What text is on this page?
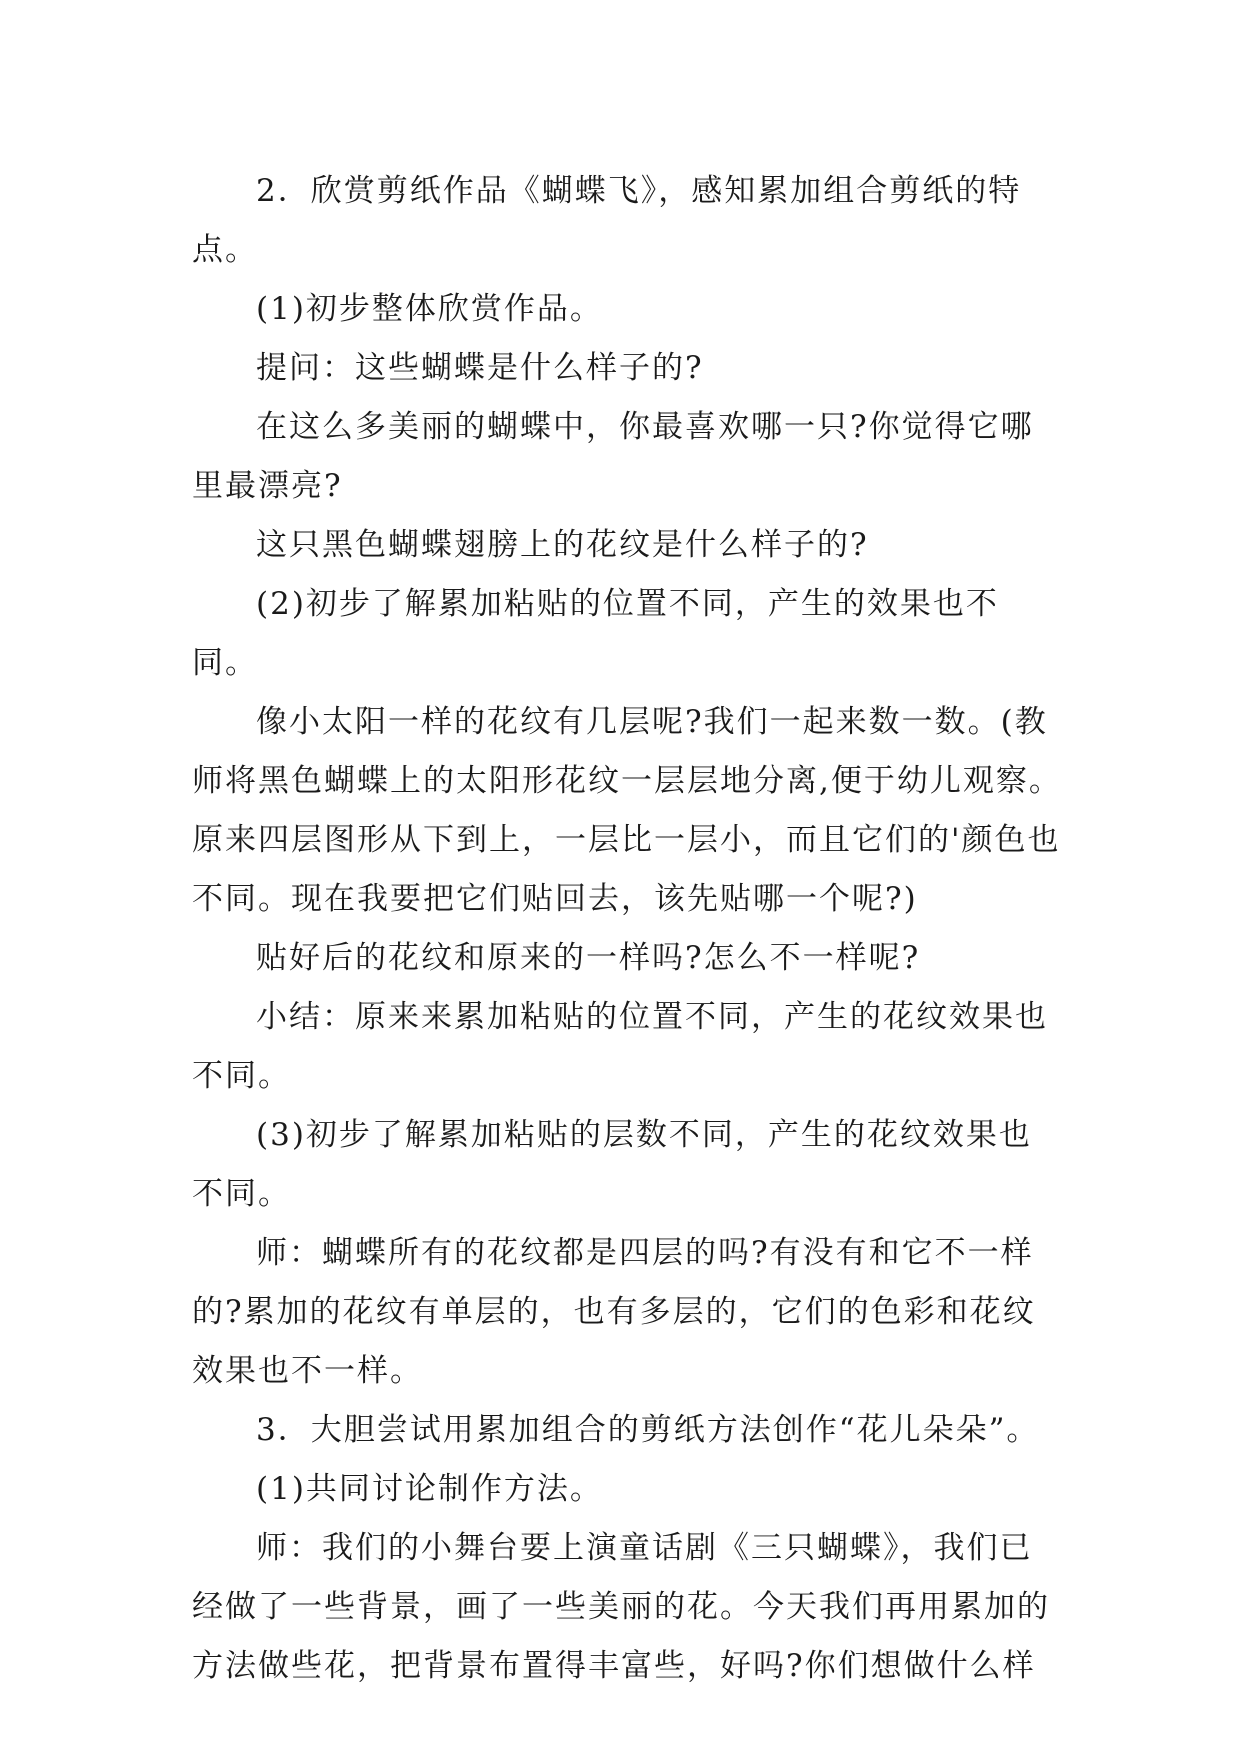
2．欣赏剪纸作品《蝴蝶飞》，感知累加组合剪纸的特点。

(1)初步整体欣赏作品。

提问：这些蝴蝶是什么样子的?

在这么多美丽的蝴蝶中，你最喜欢哪一只?你觉得它哪里最漂亮?

这只黑色蝴蝶翅膀上的花纹是什么样子的?

(2)初步了解累加粘贴的位置不同，产生的效果也不同。

像小太阳一样的花纹有几层呢?我们一起来数一数。(教师将黑色蝴蝶上的太阳形花纹一层层地分离,便于幼儿观察。原来四层图形从下到上，一层比一层小，而且它们的'颜色也不同。现在我要把它们贴回去，该先贴哪一个呢?)

贴好后的花纹和原来的一样吗?怎么不一样呢?

小结：原来来累加粘贴的位置不同，产生的花纹效果也不同。

(3)初步了解累加粘贴的层数不同，产生的花纹效果也不同。

师：蝴蝶所有的花纹都是四层的吗?有没有和它不一样的?累加的花纹有单层的，也有多层的，它们的色彩和花纹效果也不一样。

3．大胆尝试用累加组合的剪纸方法创作“花儿朵朵”。

(1)共同讨论制作方法。

师：我们的小舞台要上演童话剧《三只蝴蝶》，我们已经做了一些背景，画了一些美丽的花。今天我们再用累加的方法做些花，把背景布置得丰富些，好吗?你们想做什么样
